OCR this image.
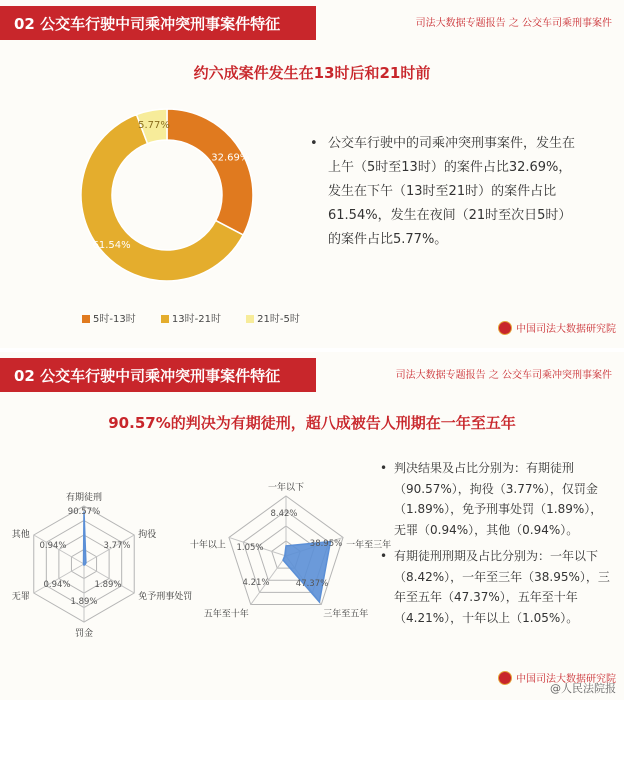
02 公交车行驶中司乘冲突刑事案件特征	司法大数据专题报告 之 公交车司乘刑事案件
约六成案件发生在13时后和21时前
32.69%
61.54%
5.77%
5时-13时	13时-21时	21时-5时
• 公交车行驶中的司乘冲突刑事案件，发生在上午（5时至13时）的案件占比32.69%，发生在下午（13时至21时）的案件占比61.54%，发生在夜间（21时至次日5时）的案件占比5.77%。
中国司法大数据研究院
02 公交车行驶中司乘冲突刑事案件特征	司法大数据专题报告 之 公交车司乘冲突刑事案件
90.57%的判决为有期徒刑，超八成被告人刑期在一年至五年
有期徒刑
90.57%
拘役
3.77%
免予刑事处罚
1.89%
罚金
1.89%
无罪
0.94%
其他
0.94%
一年以下
8.42%
一年至三年
38.95%
三年至五年
47.37%
五年至十年
4.21%
十年以上 1.05%
• 判决结果及占比分别为：有期徒刑（90.57%），拘役（3.77%），仅罚金（1.89%），免予刑事处罚（1.89%），无罪（0.94%），其他（0.94%）。
• 有期徒刑刑期及占比分别为：一年以下（8.42%），一年至三年（38.95%），三年至五年（47.37%），五年至十年（4.21%），十年以上（1.05%）。
中国司法大数据研究院
@人民法院报
